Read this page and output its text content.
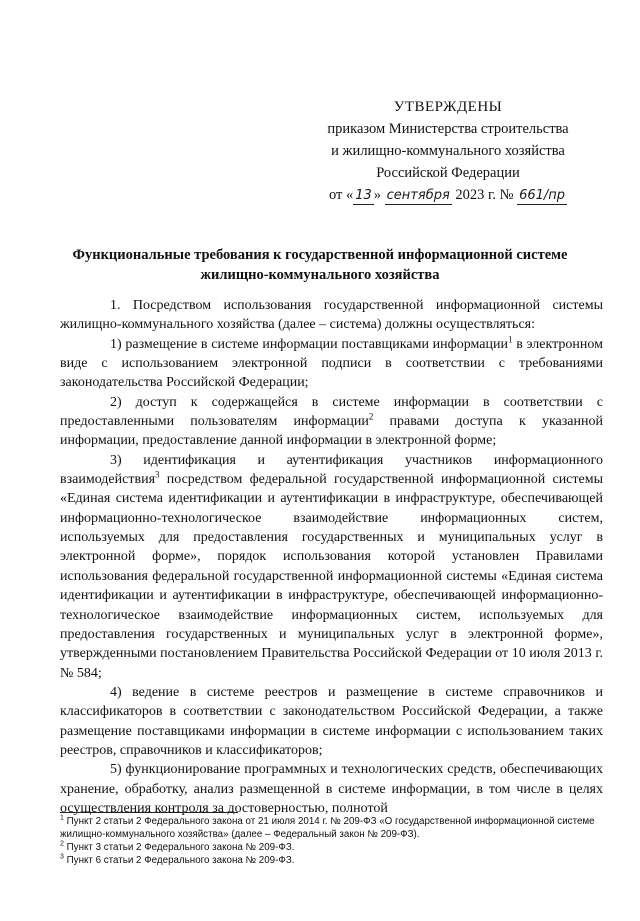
УТВЕРЖДЕНЫ
приказом Министерства строительства
и жилищно-коммунального хозяйства
Российской Федерации
от « 13 » сентября 2023 г. № 661/пр
Функциональные требования к государственной информационной системе
жилищно-коммунального хозяйства

1. Посредством использования государственной информационной системы жилищно-коммунального хозяйства (далее – система) должны осуществляться:

1) размещение в системе информации поставщиками информации$^1$ в электронном виде с использованием электронной подписи в соответствии с требованиями законодательства Российской Федерации;

2) доступ к содержащейся в системе информации в соответствии с предоставленными пользователям информации$^2$ правами доступа к указанной информации, предоставление данной информации в электронной форме;

3) идентификация и аутентификация участников информационного взаимодействия$^3$ посредством федеральной государственной информационной системы «Единая система идентификации и аутентификации в инфраструктуре, обеспечивающей информационно-технологическое взаимодействие информационных систем, используемых для предоставления государственных и муниципальных услуг в электронной форме», порядок использования которой установлен Правилами использования федеральной государственной информационной системы «Единая система идентификации и аутентификации в инфраструктуре, обеспечивающей информационно-технологическое взаимодействие информационных систем, используемых для предоставления государственных и муниципальных услуг в электронной форме», утвержденными постановлением Правительства Российской Федерации от 10 июля 2013 г. № 584;

4) ведение в системе реестров и размещение в системе справочников и классификаторов в соответствии с законодательством Российской Федерации, а также размещение поставщиками информации в системе информации с использованием таких реестров, справочников и классификаторов;

5) функционирование программных и технологических средств, обеспечивающих хранение, обработку, анализ размещенной в системе информации, в том числе в целях осуществления контроля за достоверностью, полнотой

$^1$ Пункт 2 статьи 2 Федерального закона от 21 июля 2014 г. № 209-ФЗ «О государственной информационной системе жилищно-коммунального хозяйства» (далее – Федеральный закон № 209-ФЗ).
$^2$ Пункт 3 статьи 2 Федерального закона № 209-ФЗ.
$^3$ Пункт 6 статьи 2 Федерального закона № 209-ФЗ.
